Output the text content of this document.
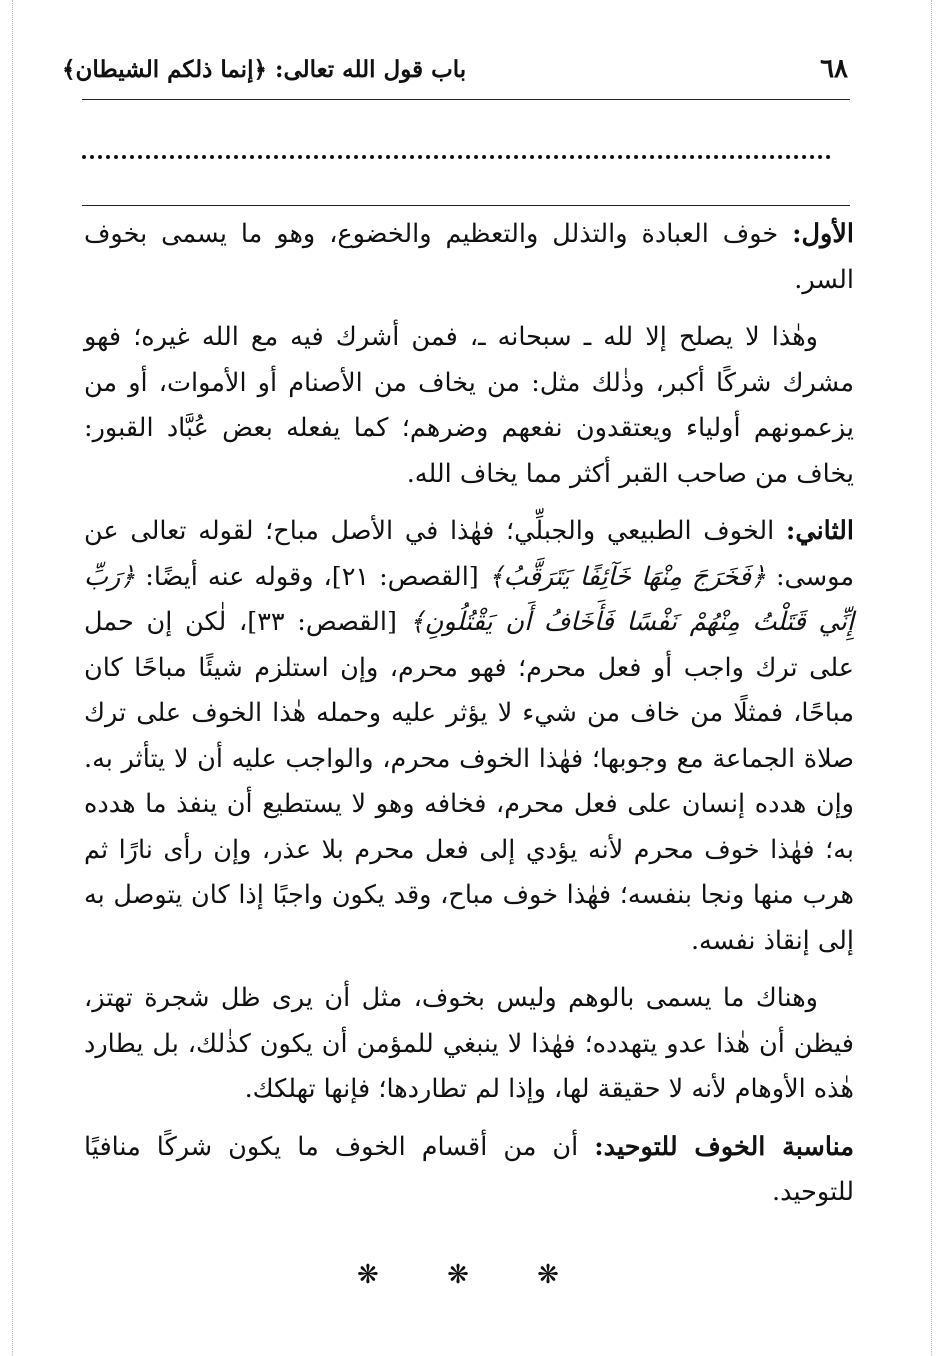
٦٨
باب قول الله تعالى: ﴿إنما ذلكم الشيطان﴾

الأول: خوف العبادة والتذلل والتعظيم والخضوع، وهو ما يسمى بخوف السر.

وهٰذا لا يصلح إلا لله ـ سبحانه ـ، فمن أشرك فيه مع الله غيره؛ فهو مشرك شركًا أكبر، وذٰلك مثل: من يخاف من الأصنام أو الأموات، أو من يزعمونهم أولياء ويعتقدون نفعهم وضرهم؛ كما يفعله بعض عُبَّاد القبور: يخاف من صاحب القبر أكثر مما يخاف الله.

الثاني: الخوف الطبيعي والجبلِّي؛ فهٰذا في الأصل مباح؛ لقوله تعالى عن موسى: ﴿فَخَرَجَ مِنْهَا خَآئِفًا يَتَرَقَّبُ﴾ [القصص: ٢١]، وقوله عنه أيضًا: ﴿رَبِّ إِنِّي قَتَلْتُ مِنْهُمْ نَفْسًا فَأَخَافُ أَن يَقْتُلُونِ﴾ [القصص: ٣٣]، لٰكن إن حمل على ترك واجب أو فعل محرم؛ فهو محرم، وإن استلزم شيئًا مباحًا كان مباحًا، فمثلًا من خاف من شيء لا يؤثر عليه وحمله هٰذا الخوف على ترك صلاة الجماعة مع وجوبها؛ فهٰذا الخوف محرم، والواجب عليه أن لا يتأثر به. وإن هدده إنسان على فعل محرم، فخافه وهو لا يستطيع أن ينفذ ما هدده به؛ فهٰذا خوف محرم لأنه يؤدي إلى فعل محرم بلا عذر، وإن رأى نارًا ثم هرب منها ونجا بنفسه؛ فهٰذا خوف مباح، وقد يكون واجبًا إذا كان يتوصل به إلى إنقاذ نفسه.

وهناك ما يسمى بالوهم وليس بخوف، مثل أن يرى ظل شجرة تهتز، فيظن أن هٰذا عدو يتهدده؛ فهٰذا لا ينبغي للمؤمن أن يكون كذٰلك، بل يطارد هٰذه الأوهام لأنه لا حقيقة لها، وإذا لم تطاردها؛ فإنها تهلكك.

مناسبة الخوف للتوحيد: أن من أقسام الخوف ما يكون شركًا منافيًا للتوحيد.

❋ ❋ ❋
